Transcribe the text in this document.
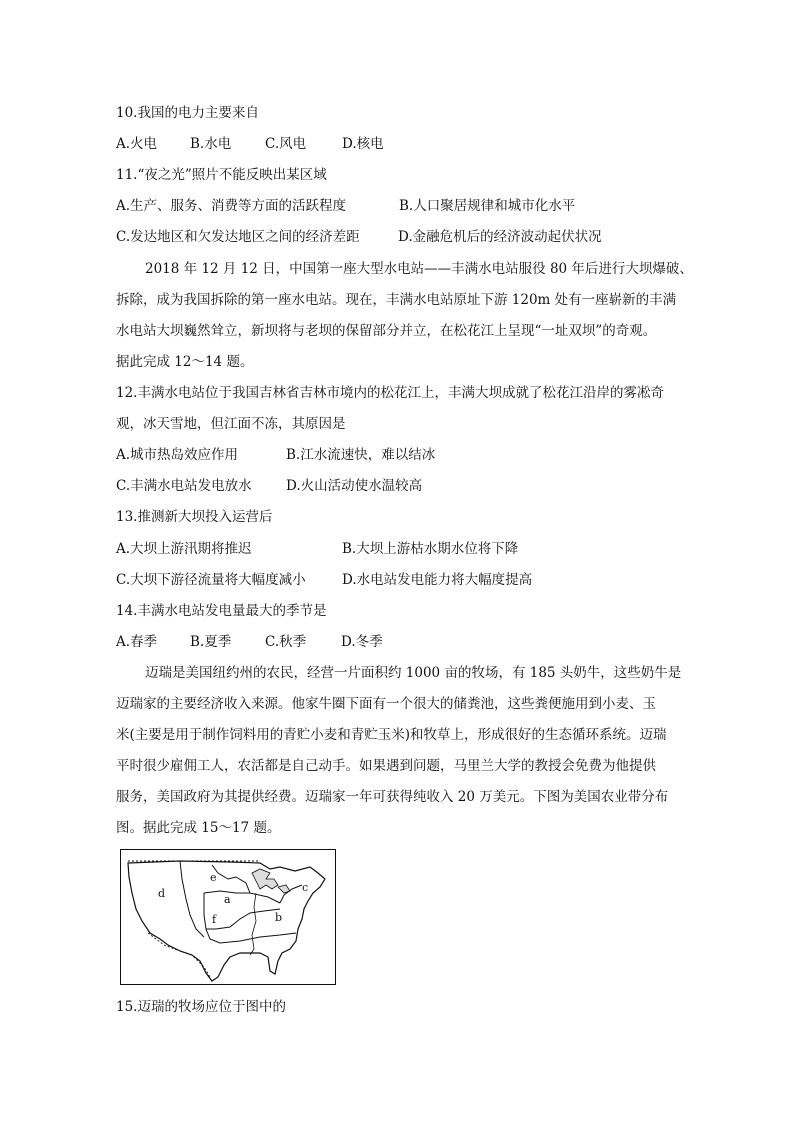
10.我国的电力主要来自
A.火电 B.水电	C.风电	D.核电
11.“夜之光”照片不能反映出某区域
A.生产、服务、消费等方面的活跃程度	B.人口聚居规律和城市化水平
C.发达地区和欠发达地区之间的经济差距	D.金融危机后的经济波动起伏状况
2018 年 12 月 12 日，中国第一座大型水电站——丰满水电站服役 80 年后进行大坝爆破、
拆除，成为我国拆除的第一座水电站。现在，丰满水电站原址下游 120m 处有一座崭新的丰满
水电站大坝巍然耸立，新坝将与老坝的保留部分并立，在松花江上呈现“一址双坝”的奇观。
据此完成 12～14 题。
12.丰满水电站位于我国吉林省吉林市境内的松花江上，丰满大坝成就了松花江沿岸的雾凇奇
观，冰天雪地，但江面不冻，其原因是
A.城市热岛效应作用	B.江水流速快，难以结冰
C.丰满水电站发电放水	D.火山活动使水温较高
13.推测新大坝投入运营后
A.大坝上游汛期将推迟	B.大坝上游枯水期水位将下降
C.大坝下游径流量将大幅度减小	D.水电站发电能力将大幅度提高
14.丰满水电站发电量最大的季节是
A.春季 B.夏季	C.秋季	D.冬季
迈瑞是美国纽约州的农民，经营一片面积约 1000 亩的牧场，有 185 头奶牛，这些奶牛是
迈瑞家的主要经济收入来源。他家牛圈下面有一个很大的储粪池，这些粪便施用到小麦、玉
米(主要是用于制作饲料用的青贮小麦和青贮玉米)和牧草上，形成很好的生态循环系统。迈瑞
平时很少雇佣工人，农活都是自己动手。如果遇到问题，马里兰大学的教授会免费为他提供
服务，美国政府为其提供经费。迈瑞家一年可获得纯收入 20 万美元。下图为美国农业带分布
图。据此完成 15～17 题。
d
e
a
c
f	b
15.迈瑞的牧场应位于图中的
